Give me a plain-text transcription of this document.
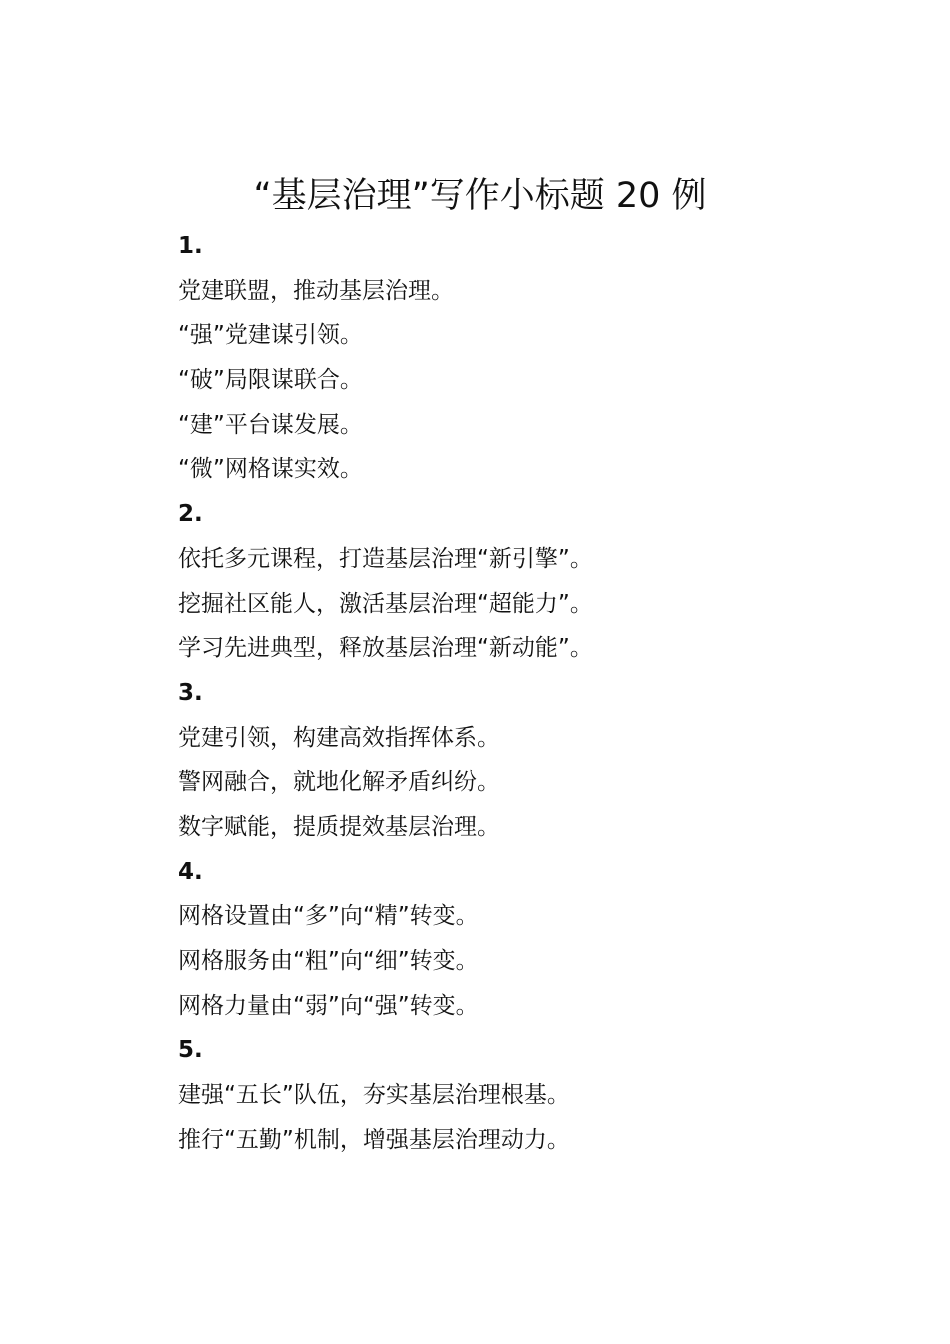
“基层治理”写作小标题 20 例
1.
党建联盟，推动基层治理。
“强”党建谋引领。
“破”局限谋联合。
“建”平台谋发展。
“微”网格谋实效。
2.
依托多元课程，打造基层治理“新引擎”。
挖掘社区能人，激活基层治理“超能力”。
学习先进典型，释放基层治理“新动能”。
3.
党建引领，构建高效指挥体系。
警网融合，就地化解矛盾纠纷。
数字赋能，提质提效基层治理。
4.
网格设置由“多”向“精”转变。
网格服务由“粗”向“细”转变。
网格力量由“弱”向“强”转变。
5.
建强“五长”队伍，夯实基层治理根基。
推行“五勤”机制，增强基层治理动力。
